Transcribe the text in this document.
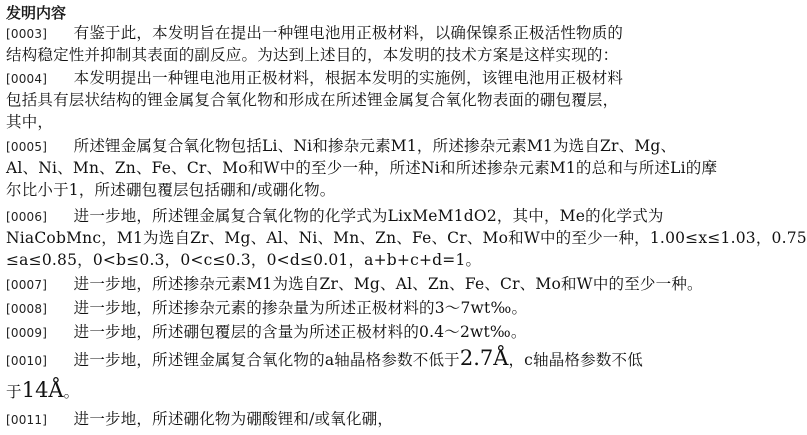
发明内容
[0003] 有鉴于此，本发明旨在提出一种锂电池用正极材料，以确保镍系正极活性物质的
结构稳定性并抑制其表面的副反应。为达到上述目的，本发明的技术方案是这样实现的：
[0004] 本发明提出一种锂电池用正极材料，根据本发明的实施例，该锂电池用正极材料
包括具有层状结构的锂金属复合氧化物和形成在所述锂金属复合氧化物表面的硼包覆层，
其中，
[0005] 所述锂金属复合氧化物包括Li、Ni和掺杂元素M1，所述掺杂元素M1为选自Zr、Mg、
Al、Ni、Mn、Zn、Fe、Cr、Mo和W中的至少一种，所述Ni和所述掺杂元素M1的总和与所述Li的摩
尔比小于1，所述硼包覆层包括硼和/或硼化物。
[0006] 进一步地，所述锂金属复合氧化物的化学式为LixMeM1dO2，其中，Me的化学式为
NiaCobMnc，M1为选自Zr、Mg、Al、Ni、Mn、Zn、Fe、Cr、Mo和W中的至少一种，1.00≤x≤1.03，0.75
≤a≤0.85，0<b≤0.3，0<c≤0.3，0<d≤0.01，a+b+c+d=1。
[0007] 进一步地，所述掺杂元素M1为选自Zr、Mg、Al、Zn、Fe、Cr、Mo和W中的至少一种。
[0008] 进一步地，所述掺杂元素的掺杂量为所述正极材料的3～7wt‰。
[0009] 进一步地，所述硼包覆层的含量为所述正极材料的0.4～2wt‰。
[0010] 进一步地，所述锂金属复合氧化物的a轴晶格参数不低于2.7Å，c轴晶格参数不低
于14Å。
[0011] 进一步地，所述硼化物为硼酸锂和/或氧化硼，
